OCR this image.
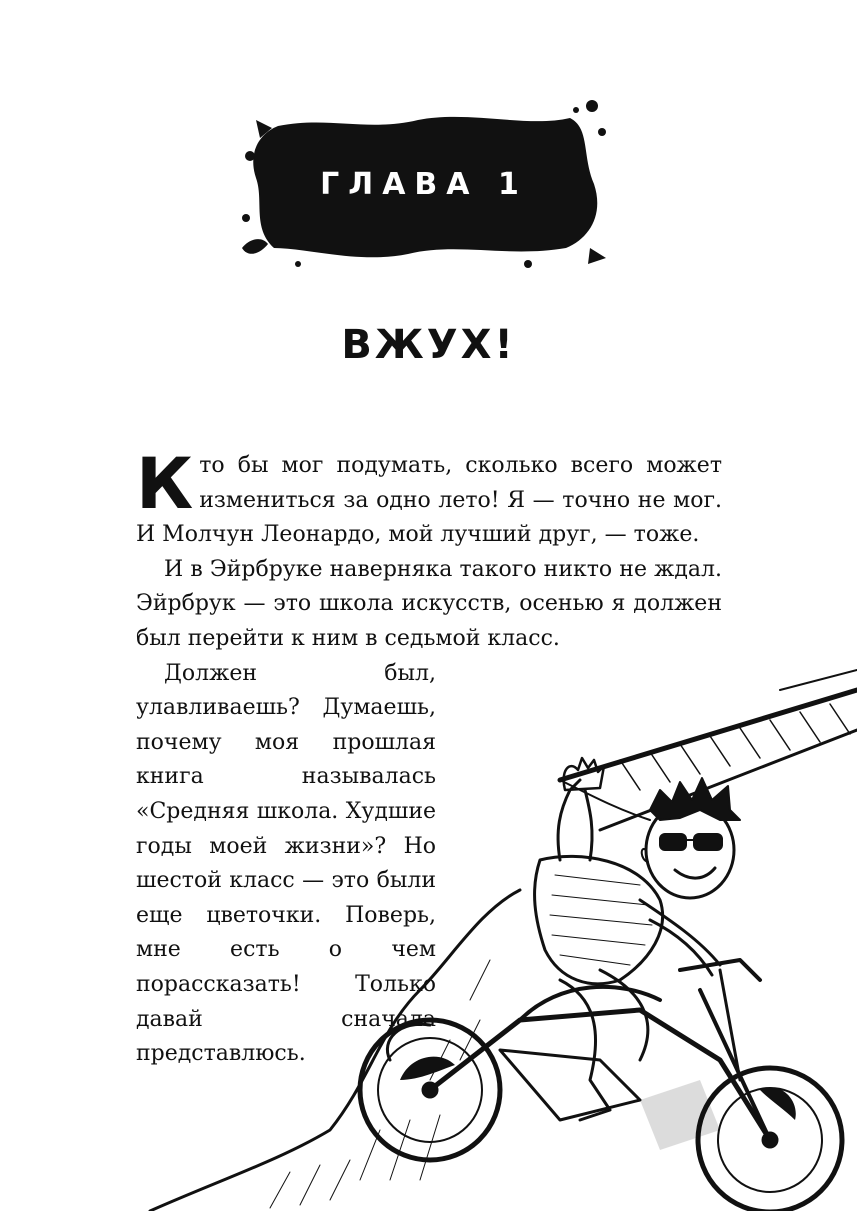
ГЛАВА 1
ВЖУХ!

Кто бы мог подумать, сколько всего может измениться за одно лето! Я — точно не мог. И Молчун Леонардо, мой лучший друг, — тоже.

И в Эйрбруке наверняка такого никто не ждал. Эйрбрук — это школа искусств, осенью я должен был перейти к ним в седьмой класс.

Должен был, улавливаешь? Думаешь, почему моя прошлая книга называлась «Средняя школа. Худшие годы моей жизни»? Но шестой класс — это были еще цветочки. Поверь, мне есть о чем порассказать! Только давай сначала представлюсь.
